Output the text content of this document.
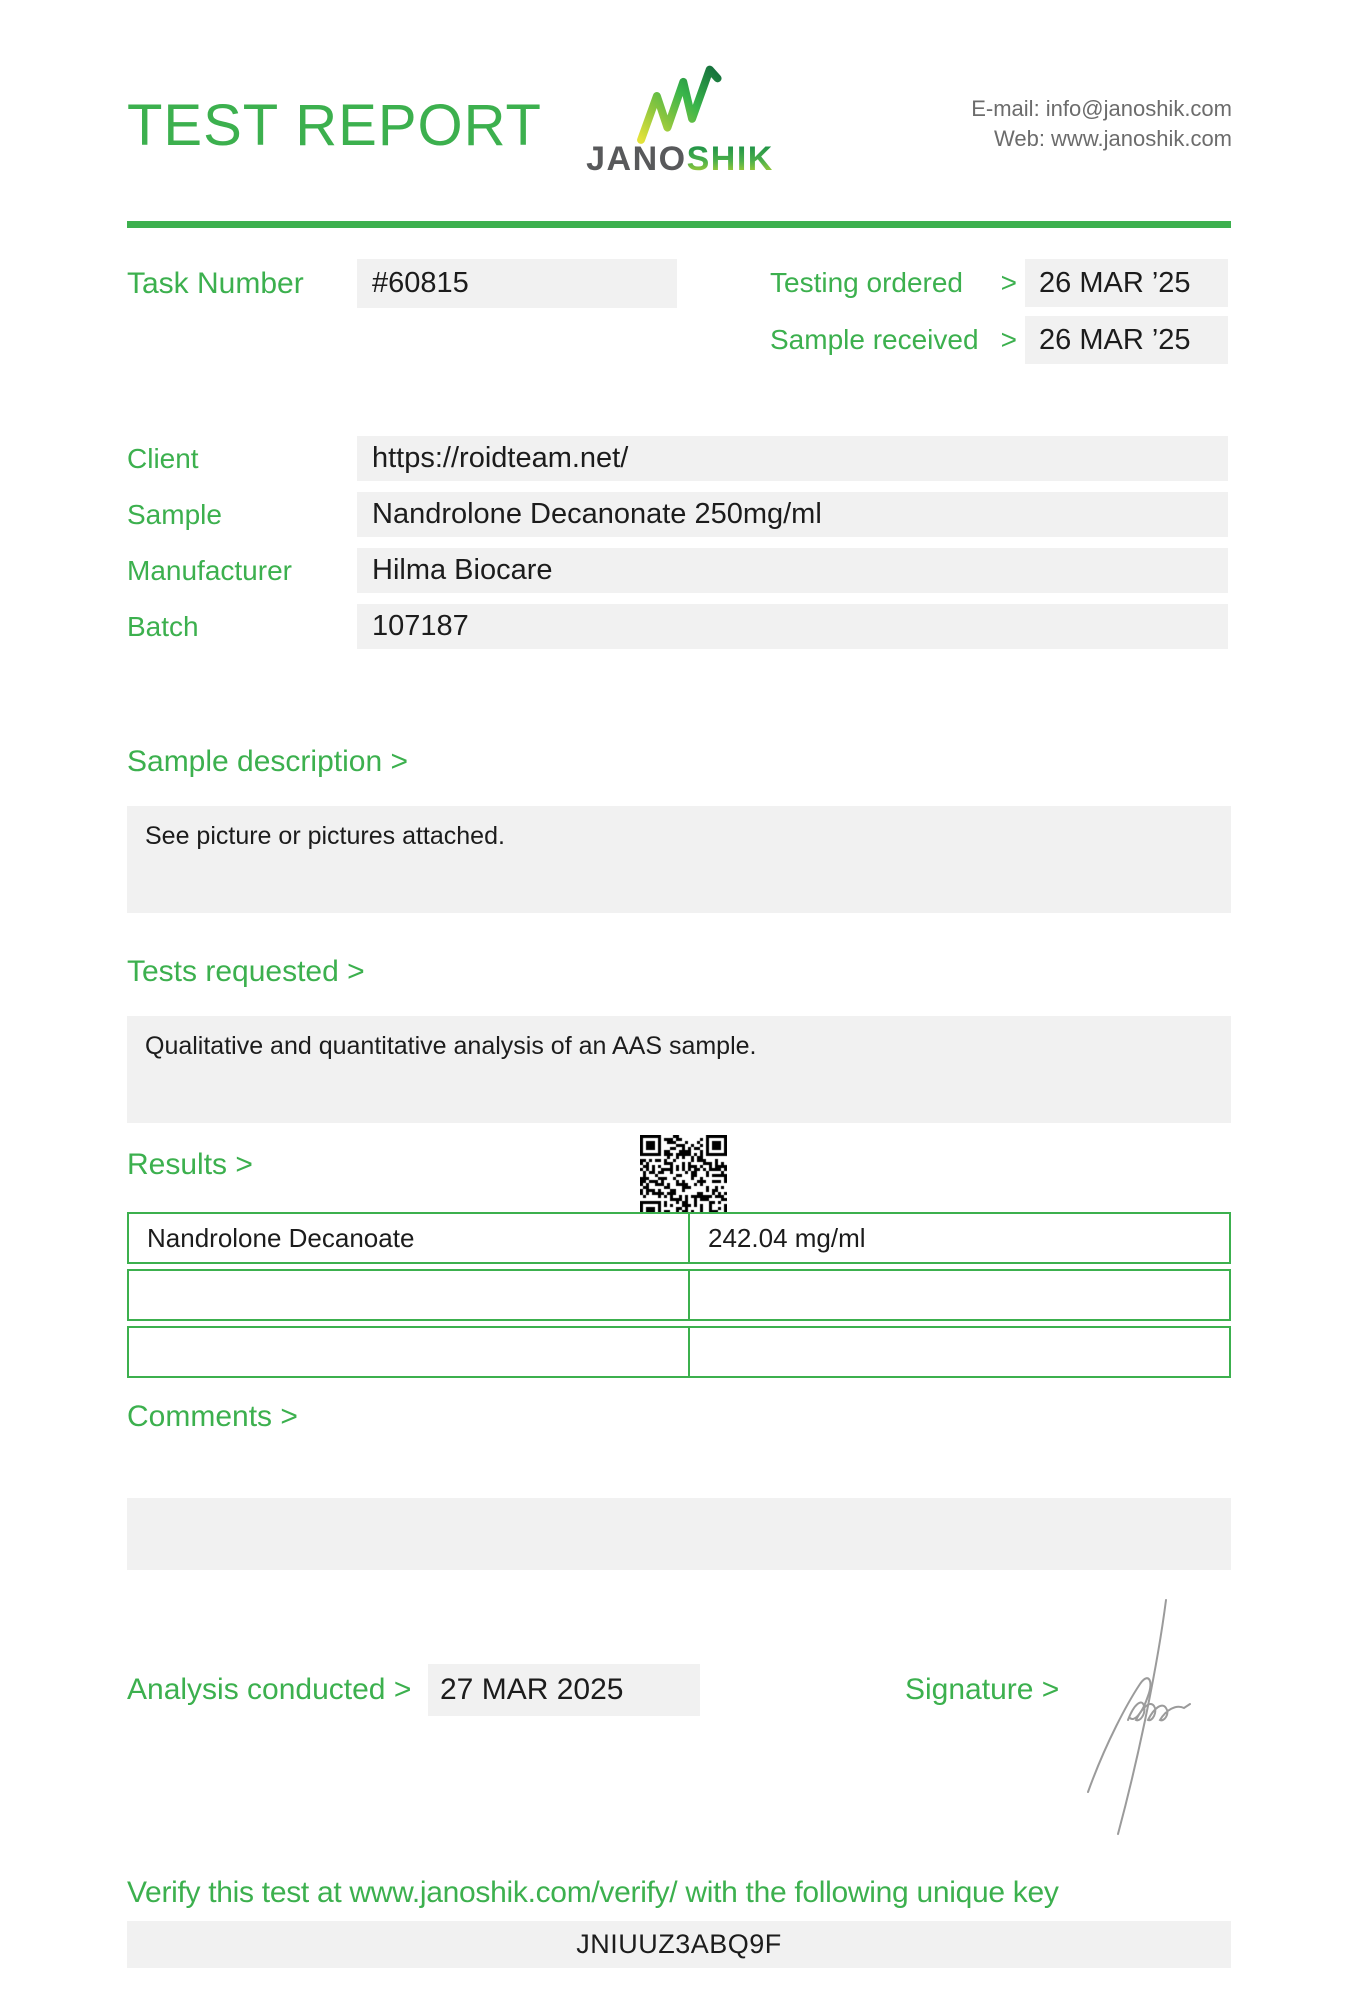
TEST REPORT
JANOSHIK
E-mail: info@janoshik.com
Web: www.janoshik.com
Task Number	#60815	Testing ordered > 26 MAR ’25
Sample received > 26 MAR ’25
Client	https://roidteam.net/
Sample	Nandrolone Decanonate 250mg/ml
Manufacturer	Hilma Biocare
Batch	107187
Sample description >
See picture or pictures attached.
Tests requested >
Qualitative and quantitative analysis of an AAS sample.
Results >
Nandrolone Decanoate	242.04 mg/ml
Comments >
Analysis conducted > 27 MAR 2025	Signature >
Verify this test at www.janoshik.com/verify/ with the following unique key
JNIUUZ3ABQ9F
